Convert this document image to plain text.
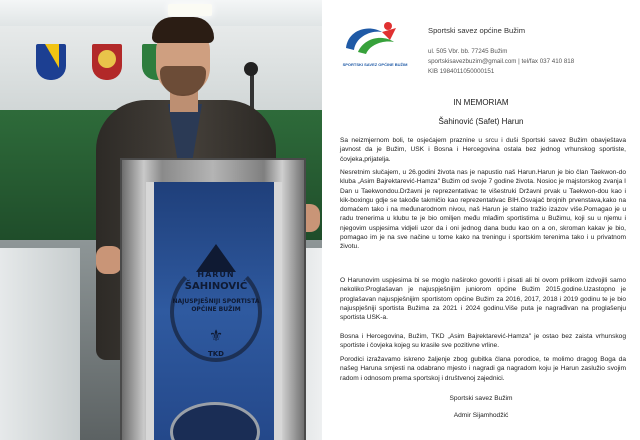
HARUN
ŠAHINOVIĆ
NAJUSPJEŠNIJI SPORTISTA OPĆINE BUŽIM
⚜
TKD
SPORTSKI SAVEZ OPĆINE BUŽIM
Sportski savez općine Bužim
ul. 505 Vbr. bb. 77245 Bužim
sportskisavezbuzim@gmail.com | tel/fax 037 410 818
KIB 1984011050000151
IN MEMORIAM
Šahinović (Safet) Harun

Sa neizmjernom boli, te osjećajem praznine u srcu i duši Sportski savez Bužim obavještava javnost da je Bužim, USK i Bosna i Hercegovina ostala bez jednog vrhunskog sportiste, čovjeka,prijatelja.

Nesretnim slučajem, u 26.godini života nas je napustio naš Harun.Harun je bio član Taekwon-do kluba „Asim Bajrektarević-Hamza" Bužim od svoje 7 godine života. Nosioc je majstorskog zvanja I Dan u Taekwondou.Državni je reprezentativac te višestruki Državni prvak u Taekwon-dou kao i kik-boxingu gdje se takođe takmičio kao reprezentativac BIH.Osvajač brojnih prvenstava,kako na domaćem tako i na međunarodnom nivou, naš Harun je stalno tražio izazov više.Pomagao je u radu trenerima u klubu te je bio omiljen među mlađim sportistima u Bužimu, koji su u njemu i njegovim uspjesima vidjeli uzor da i oni jednog dana budu kao on a on, skroman kakav je bio, pomagao im je na sve načine u tome kako na treningu i sportskim terenima tako i u privatnom životu.

O Harunovim uspjesima bi se moglo naširoko govoriti i pisati ali bi ovom prilikom izdvojili samo nekoliko:Proglašavan je najuspješnijim juniorom općine Bužim 2015.godine.Uzastopno je proglašavan najuspješnijim sportistom općine Bužim za 2016, 2017, 2018 i 2019 godinu te je bio najuspješniji sportista Bužima za 2021 i 2024 godinu.Više puta je nagrađivan na proglašenju sportista USK-a.

Bosna i Hercegovina, Bužim, TKD „Asim Bajrektarević-Hamza" je ostao bez zaista vrhunskog sportiste i čovjeka kojeg su krasile sve pozitivne vrline.

Porodici izražavamo iskreno žaljenje zbog gubitka člana porodice, te molimo dragog Boga da našeg Haruna smjesti na odabrano mjesto i nagradi ga nagradom koju je Harun zaslužio svojim radom i odnosom prema sportskoj i društvenoj zajednici.

Sportski savez Bužim
Admir Sijamhodžić
